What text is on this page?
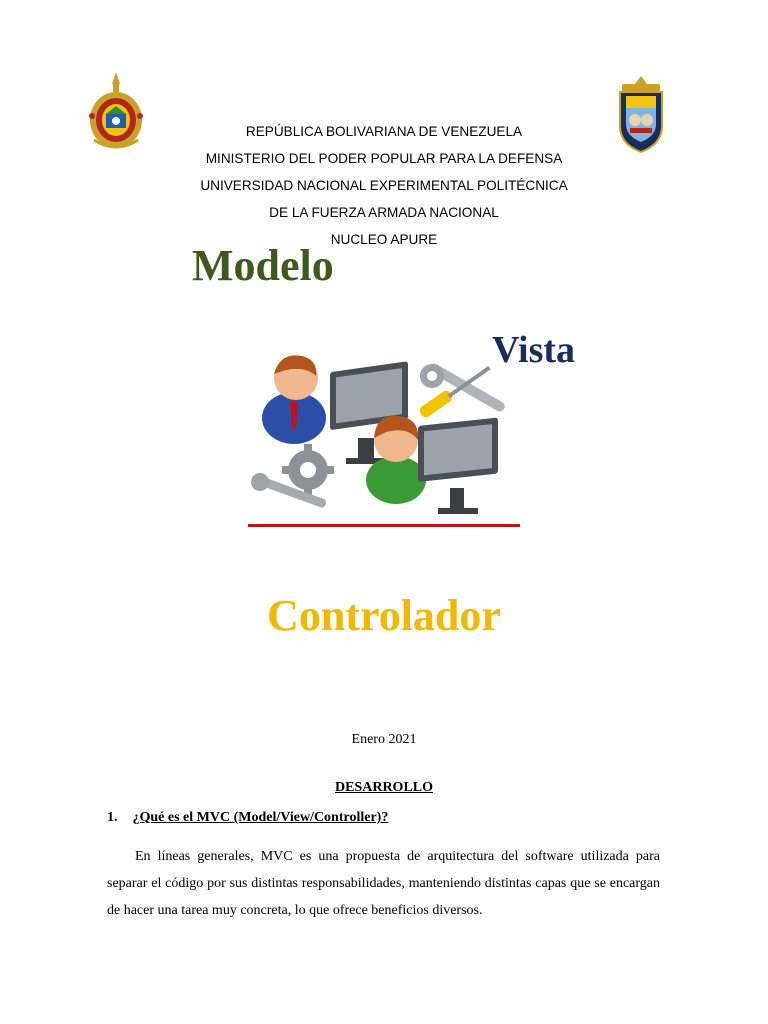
REPÚBLICA BOLIVARIANA DE VENEZUELA
MINISTERIO DEL PODER POPULAR PARA LA DEFENSA
UNIVERSIDAD NACIONAL EXPERIMENTAL POLITÉCNICA
DE LA FUERZA ARMADA NACIONAL
NUCLEO APURE
Modelo
Vista
Controlador
Enero 2021
DESARROLLO
1. ¿Qué es el MVC (Model/View/Controller)?
En líneas generales, MVC es una propuesta de arquitectura del software utilizada para separar el código por sus distintas responsabilidades, manteniendo distintas capas que se encargan de hacer una tarea muy concreta, lo que ofrece beneficios diversos.
